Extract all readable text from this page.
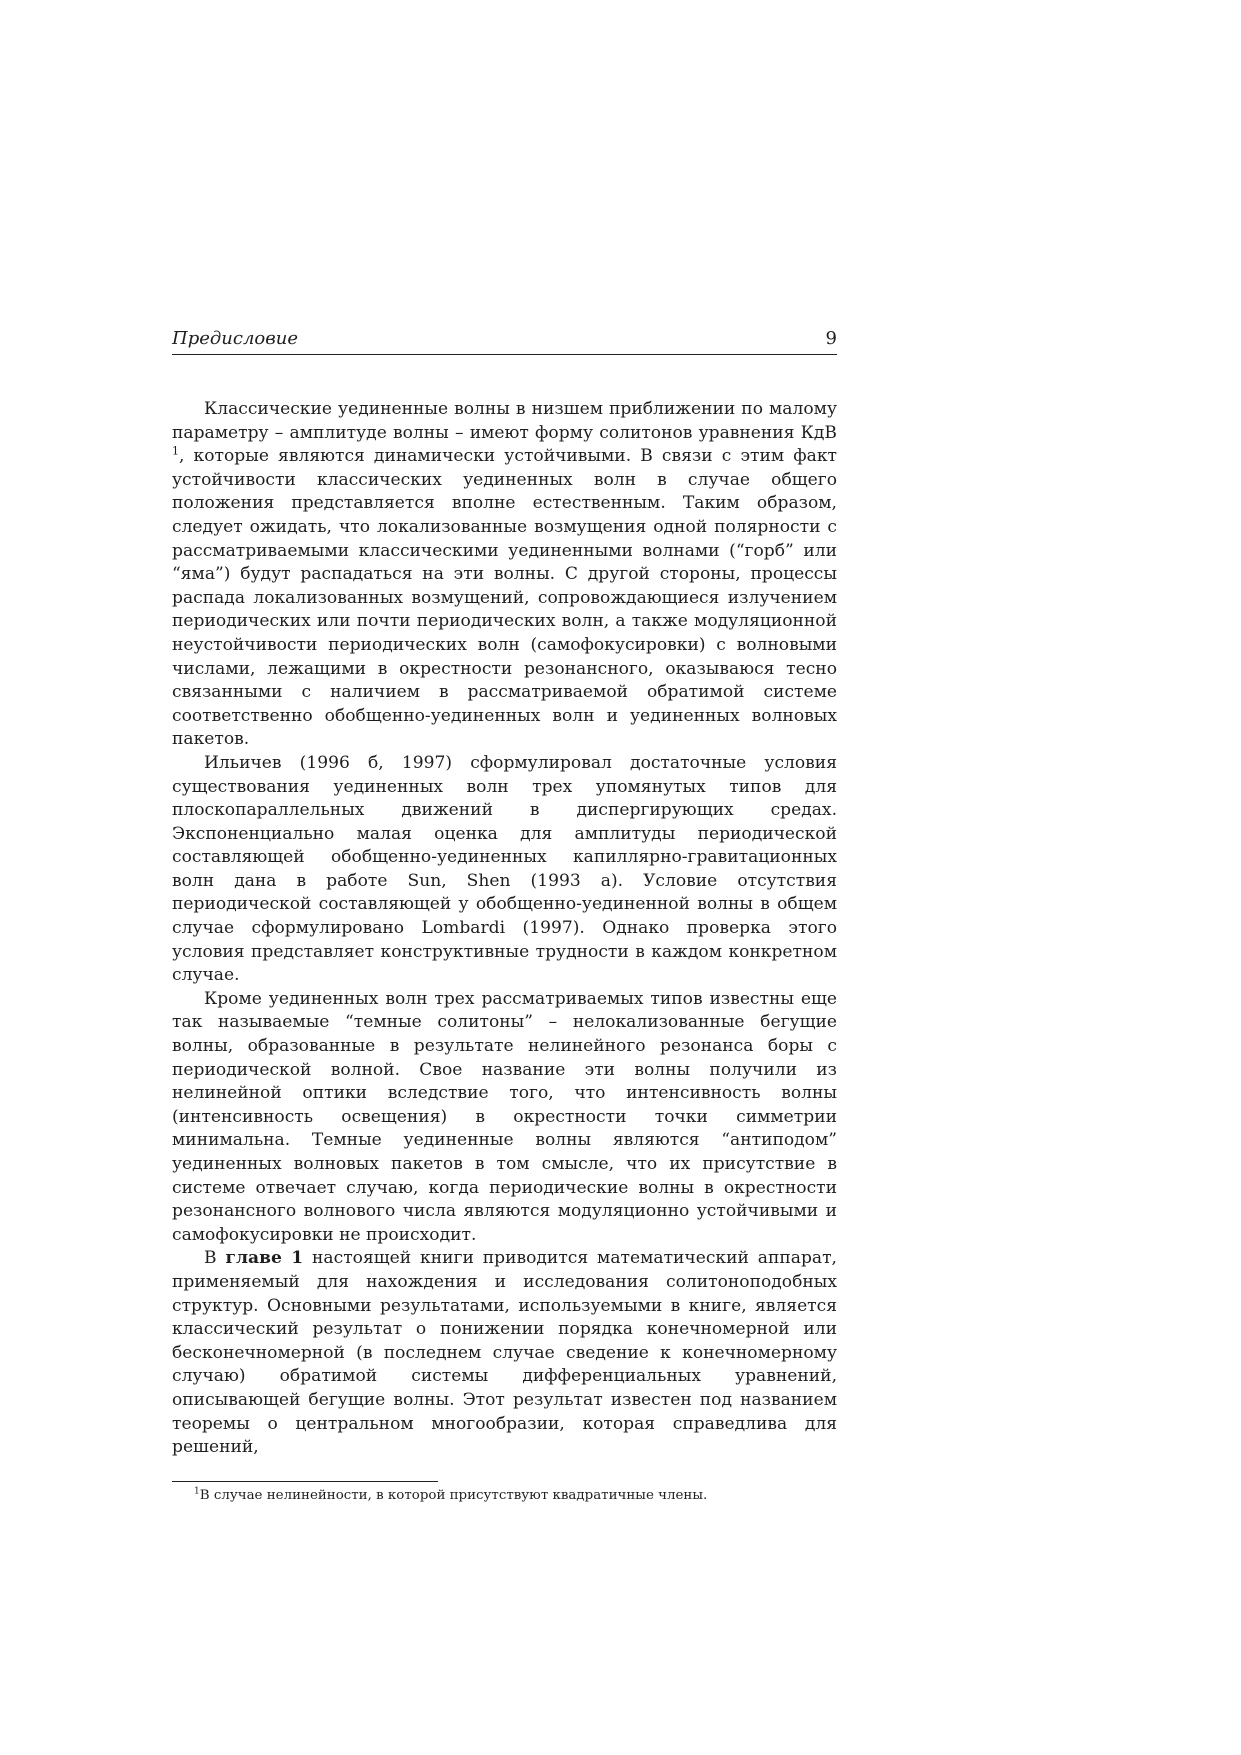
Предисловие	9

Классические уединенные волны в низшем приближении по малому параметру – амплитуде волны – имеют форму солитонов уравнения КдВ $^1$, которые являются динамически устойчивыми. В связи с этим факт устойчивости классических уединенных волн в случае общего положения представляется вполне естественным. Таким образом, следует ожидать, что локализованные возмущения одной полярности с рассматриваемыми классическими уединенными волнами (“горб” или “яма”) будут распадаться на эти волны. С другой стороны, процессы распада локализованных возмущений, сопровождающиеся излучением периодических или почти периодических волн, а также модуляционной неустойчивости периодических волн (самофокусировки) с волновыми числами, лежащими в окрестности резонансного, оказываюся тесно связанными с наличием в рассматриваемой обратимой системе соответственно обобщенно-уединенных волн и уединенных волновых пакетов.

Ильичев (1996 б, 1997) сформулировал достаточные условия существования уединенных волн трех упомянутых типов для плоскопараллельных движений в диспергирующих средах. Экспоненциально малая оценка для амплитуды периодической составляющей обобщенно-уединенных капиллярно-гравитационных волн дана в работе Sun, Shen (1993 а). Условие отсутствия периодической составляющей у обобщенно-уединенной волны в общем случае сформулировано Lombardi (1997). Однако проверка этого условия представляет конструктивные трудности в каждом конкретном случае.

Кроме уединенных волн трех рассматриваемых типов известны еще так называемые “темные солитоны” – нелокализованные бегущие волны, образованные в результате нелинейного резонанса боры с периодической волной. Свое название эти волны получили из нелинейной оптики вследствие того, что интенсивность волны (интенсивность освещения) в окрестности точки симметрии минимальна. Темные уединенные волны являются “антиподом” уединенных волновых пакетов в том смысле, что их присутствие в системе отвечает случаю, когда периодические волны в окрестности резонансного волнового числа являются модуляционно устойчивыми и самофокусировки не происходит.

В главе 1 настоящей книги приводится математический аппарат, применяемый для нахождения и исследования солитоноподобных структур. Основными результатами, используемыми в книге, является классический результат о понижении порядка конечномерной или бесконечномерной (в последнем случае сведение к конечномерному случаю) обратимой системы дифференциальных уравнений, описывающей бегущие волны. Этот результат известен под названием теоремы о центральном многообразии, которая справедлива для решений,

$^1$В случае нелинейности, в которой присутствуют квадратичные члены.
